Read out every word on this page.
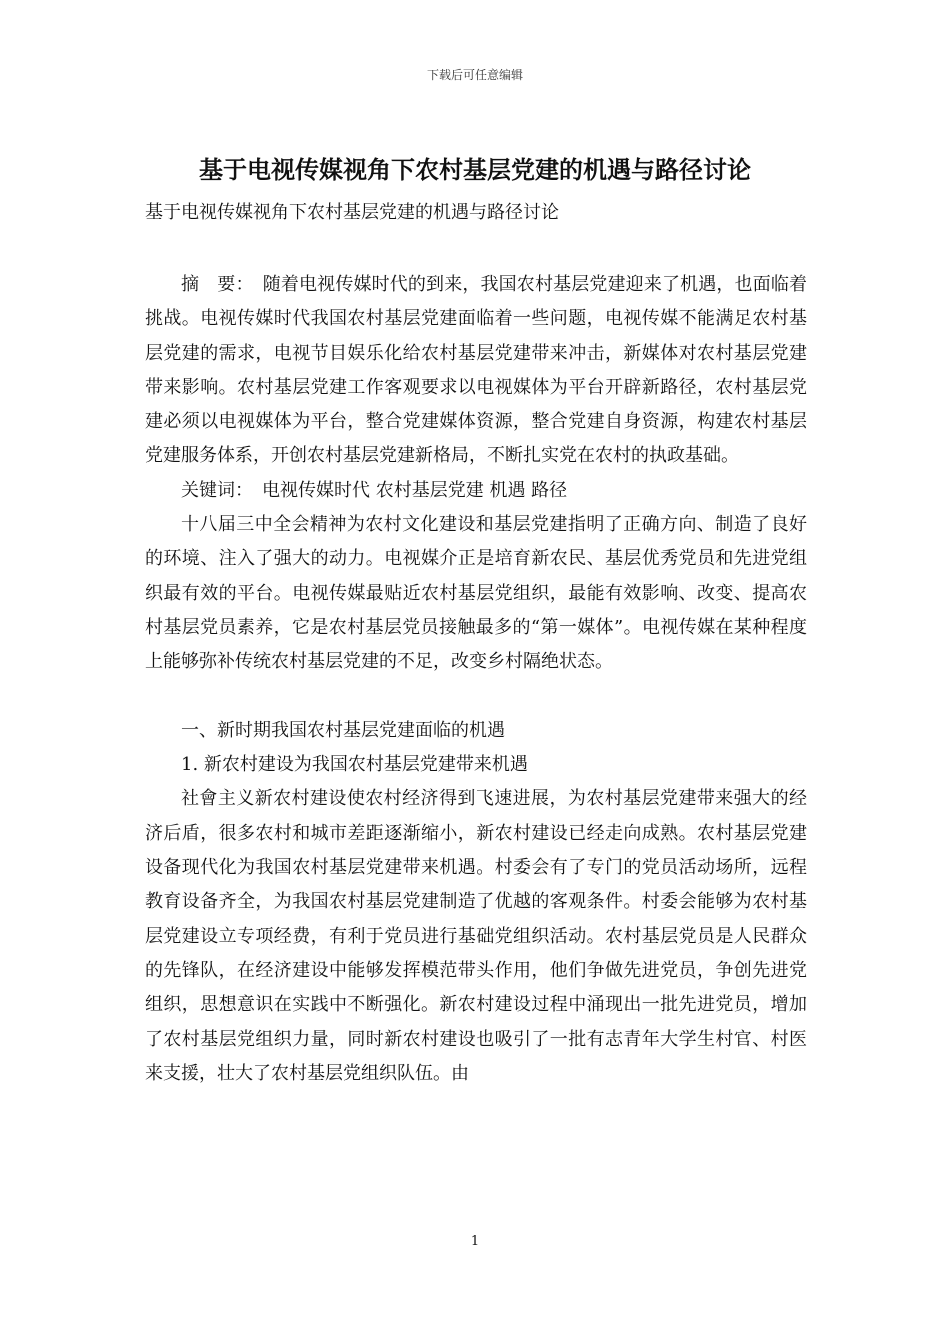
下载后可任意编辑
基于电视传媒视角下农村基层党建的机遇与路径讨论

基于电视传媒视角下农村基层党建的机遇与路径讨论

摘　要：　随着电视传媒时代的到来，我国农村基层党建迎来了机遇，也面临着挑战。电视传媒时代我国农村基层党建面临着一些问题，电视传媒不能满足农村基层党建的需求，电视节目娱乐化给农村基层党建带来冲击，新媒体对农村基层党建带来影响。农村基层党建工作客观要求以电视媒体为平台开辟新路径，农村基层党建必须以电视媒体为平台，整合党建媒体资源，整合党建自身资源，构建农村基层党建服务体系，开创农村基层党建新格局，不断扎实党在农村的执政基础。

关键词：　电视传媒时代 农村基层党建 机遇 路径

十八届三中全会精神为农村文化建设和基层党建指明了正确方向、制造了良好的环境、注入了强大的动力。电视媒介正是培育新农民、基层优秀党员和先进党组织最有效的平台。电视传媒最贴近农村基层党组织，最能有效影响、改变、提高农村基层党员素养，它是农村基层党员接触最多的“第一媒体”。电视传媒在某种程度上能够弥补传统农村基层党建的不足，改变乡村隔绝状态。

一、新时期我国农村基层党建面临的机遇

1. 新农村建设为我国农村基层党建带来机遇

社會主义新农村建设使农村经济得到飞速进展，为农村基层党建带来强大的经济后盾，很多农村和城市差距逐渐缩小，新农村建设已经走向成熟。农村基层党建设备现代化为我国农村基层党建带来机遇。村委会有了专门的党员活动场所，远程教育设备齐全，为我国农村基层党建制造了优越的客观条件。村委会能够为农村基层党建设立专项经费，有利于党员进行基础党组织活动。农村基层党员是人民群众的先锋队，在经济建设中能够发挥模范带头作用，他们争做先进党员，争创先进党组织，思想意识在实践中不断强化。新农村建设过程中涌现出一批先进党员，增加了农村基层党组织力量，同时新农村建设也吸引了一批有志青年大学生村官、村医来支援，壮大了农村基层党组织队伍。由

1
